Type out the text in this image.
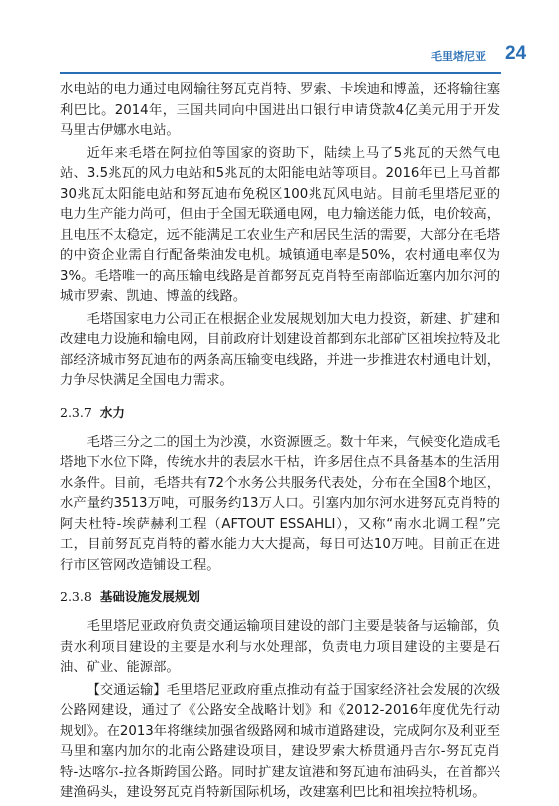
毛里塔尼亚 24

水电站的电力通过电网输往努瓦克肖特、罗索、卡埃迪和博盖，还将输往塞利巴比。2014年，三国共同向中国进出口银行申请贷款4亿美元用于开发马里古伊娜水电站。

近年来毛塔在阿拉伯等国家的资助下，陆续上马了5兆瓦的天然气电站、3.5兆瓦的风力电站和5兆瓦的太阳能电站等项目。2016年已上马首都30兆瓦太阳能电站和努瓦迪布免税区100兆瓦风电站。目前毛里塔尼亚的电力生产能力尚可，但由于全国无联通电网，电力输送能力低，电价较高，且电压不太稳定，远不能满足工农业生产和居民生活的需要，大部分在毛塔的中资企业需自行配备柴油发电机。城镇通电率是50%，农村通电率仅为3%。毛塔唯一的高压输电线路是首都努瓦克肖特至南部临近塞内加尔河的城市罗索、凯迪、博盖的线路。

毛塔国家电力公司正在根据企业发展规划加大电力投资，新建、扩建和改建电力设施和输电网，目前政府计划建设首都到东北部矿区祖埃拉特及北部经济城市努瓦迪布的两条高压输变电线路，并进一步推进农村通电计划，力争尽快满足全国电力需求。

2.3.7 水力

毛塔三分之二的国土为沙漠，水资源匮乏。数十年来，气候变化造成毛塔地下水位下降，传统水井的表层水干枯，许多居住点不具备基本的生活用水条件。目前，毛塔共有72个水务公共服务代表处，分布在全国8个地区，水产量约3513万吨，可服务约13万人口。引塞内加尔河水进努瓦克肖特的阿夫杜特-埃萨赫利工程（AFTOUT ESSAHLI），又称“南水北调工程”完工，目前努瓦克肖特的蓄水能力大大提高，每日可达10万吨。目前正在进行市区管网改造铺设工程。

2.3.8 基础设施发展规划

毛里塔尼亚政府负责交通运输项目建设的部门主要是装备与运输部，负责水利项目建设的主要是水利与水处理部，负责电力项目建设的主要是石油、矿业、能源部。

【交通运输】毛里塔尼亚政府重点推动有益于国家经济社会发展的次级公路网建设，通过了《公路安全战略计划》和《2012-2016年度优先行动规划》。在2013年将继续加强省级路网和城市道路建设，完成阿尔及利亚至马里和塞内加尔的北南公路建设项目，建设罗索大桥贯通丹吉尔-努瓦克肖特-达喀尔-拉各斯跨国公路。同时扩建友谊港和努瓦迪布油码头，在首都兴建渔码头，建设努瓦克肖特新国际机场，改建塞利巴比和祖埃拉特机场。
